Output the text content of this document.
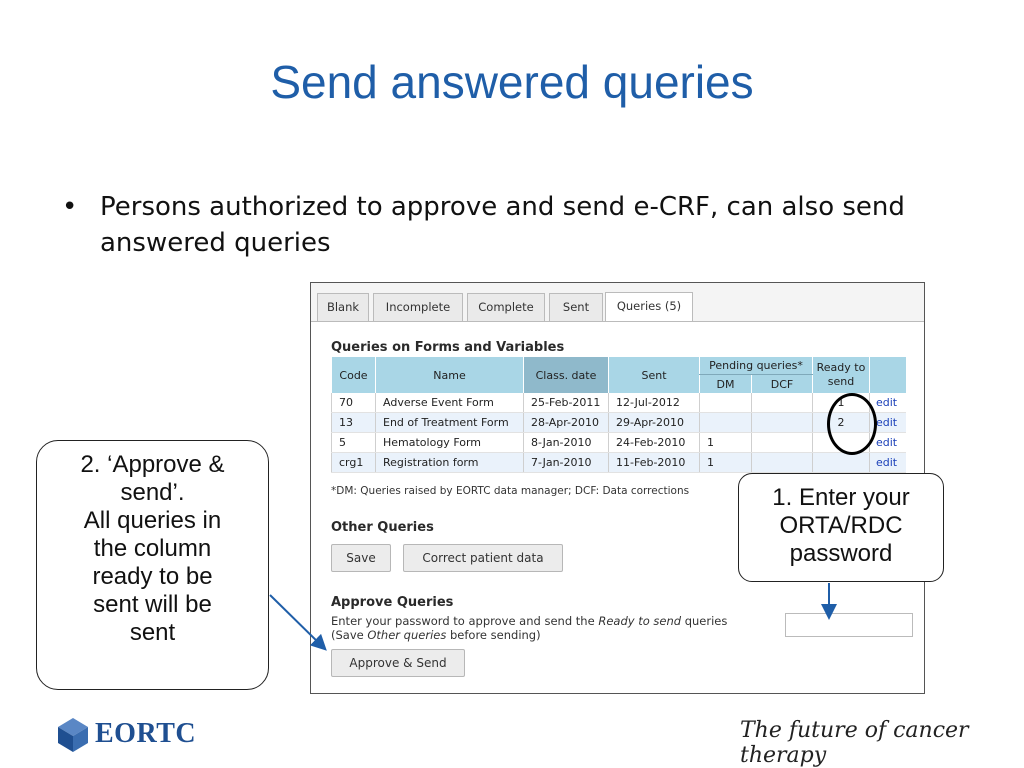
Send answered queries
• Persons authorized to approve and send e-CRF, can also send answered queries
Blank	Incomplete	Complete	Sent	Queries (5)
Queries on Forms and Variables
Code	Name	Class. date	Sent	Pending queries*		Ready to send	
				DM	DCF		
70	Adverse Event Form	25-Feb-2011	12-Jul-2012			1	edit
13	End of Treatment Form	28-Apr-2010	29-Apr-2010			2	edit
5	Hematology Form	8-Jan-2010	24-Feb-2010	1			edit
crg1	Registration form	7-Jan-2010	11-Feb-2010	1			edit
*DM: Queries raised by EORTC data manager; DCF: Data corrections
Other Queries
Save	Correct patient data
Approve Queries
Enter your password to approve and send the Ready to send queries
(Save Other queries before sending)
Approve & Send
2. ‘Approve &
send’.
All queries in
the column
ready to be
sent will be
sent
1. Enter your
ORTA/RDC
password
EORTC	The future of cancer therapy
